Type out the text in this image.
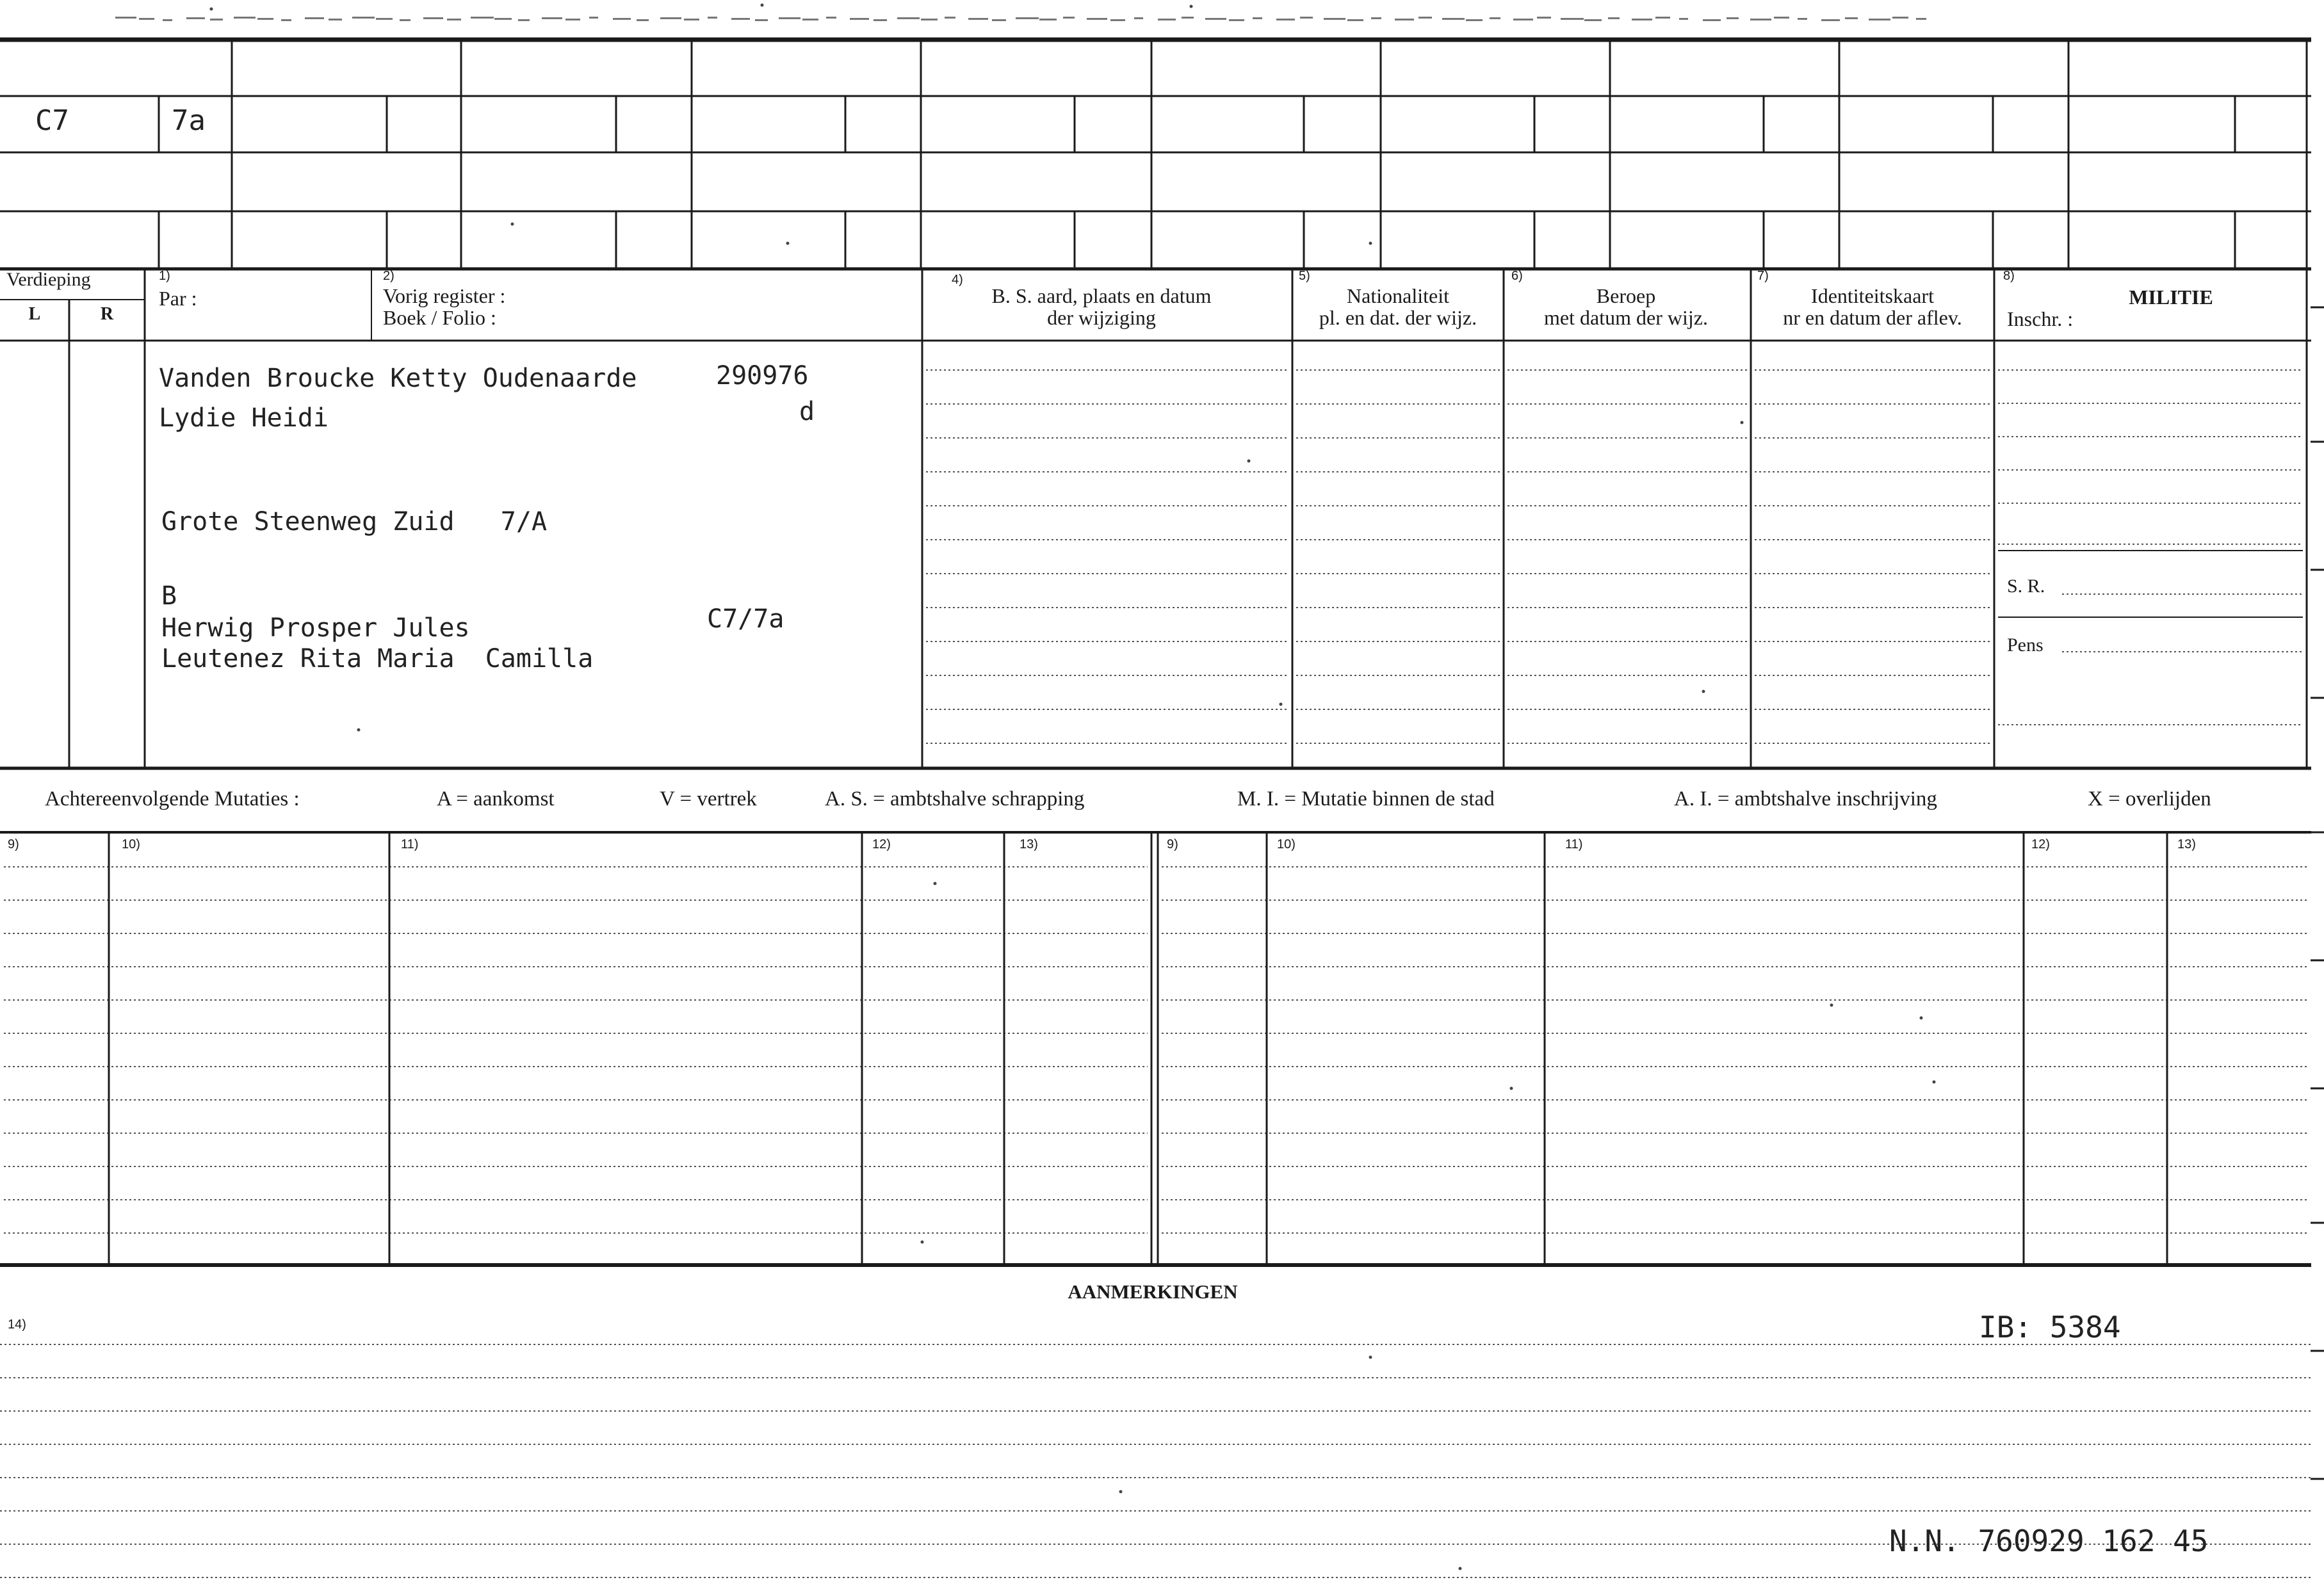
C7	7a
Verdieping
L	R
1)
Par :
2)
Vorig register :
Boek / Folio :
4)
B. S. aard, plaats en datum
der wijziging
5)
Nationaliteit
pl. en dat. der wijz.
6)
Beroep
met datum der wijz.
7)
Identiteitskaart
nr en datum der aflev.
8)
MILITIE
Inschr. :
S. R.
Pens
Vanden Broucke Ketty Oudenaarde	290976
Lydie Heidi	d
Grote Steenweg Zuid   7/A
B
Herwig Prosper Jules	C7/7a
Leutenez Rita Maria  Camilla
Achtereenvolgende Mutaties :	A = aankomst	V = vertrek	A. S. = ambtshalve schrapping	M. I. = Mutatie binnen de stad	A. I. = ambtshalve inschrijving	X = overlijden
9)	10)	11)	12)	13)	9)	10)	11)	12)	13)
AANMERKINGEN
14)	IB: 5384
N.N. 760929 162 45
